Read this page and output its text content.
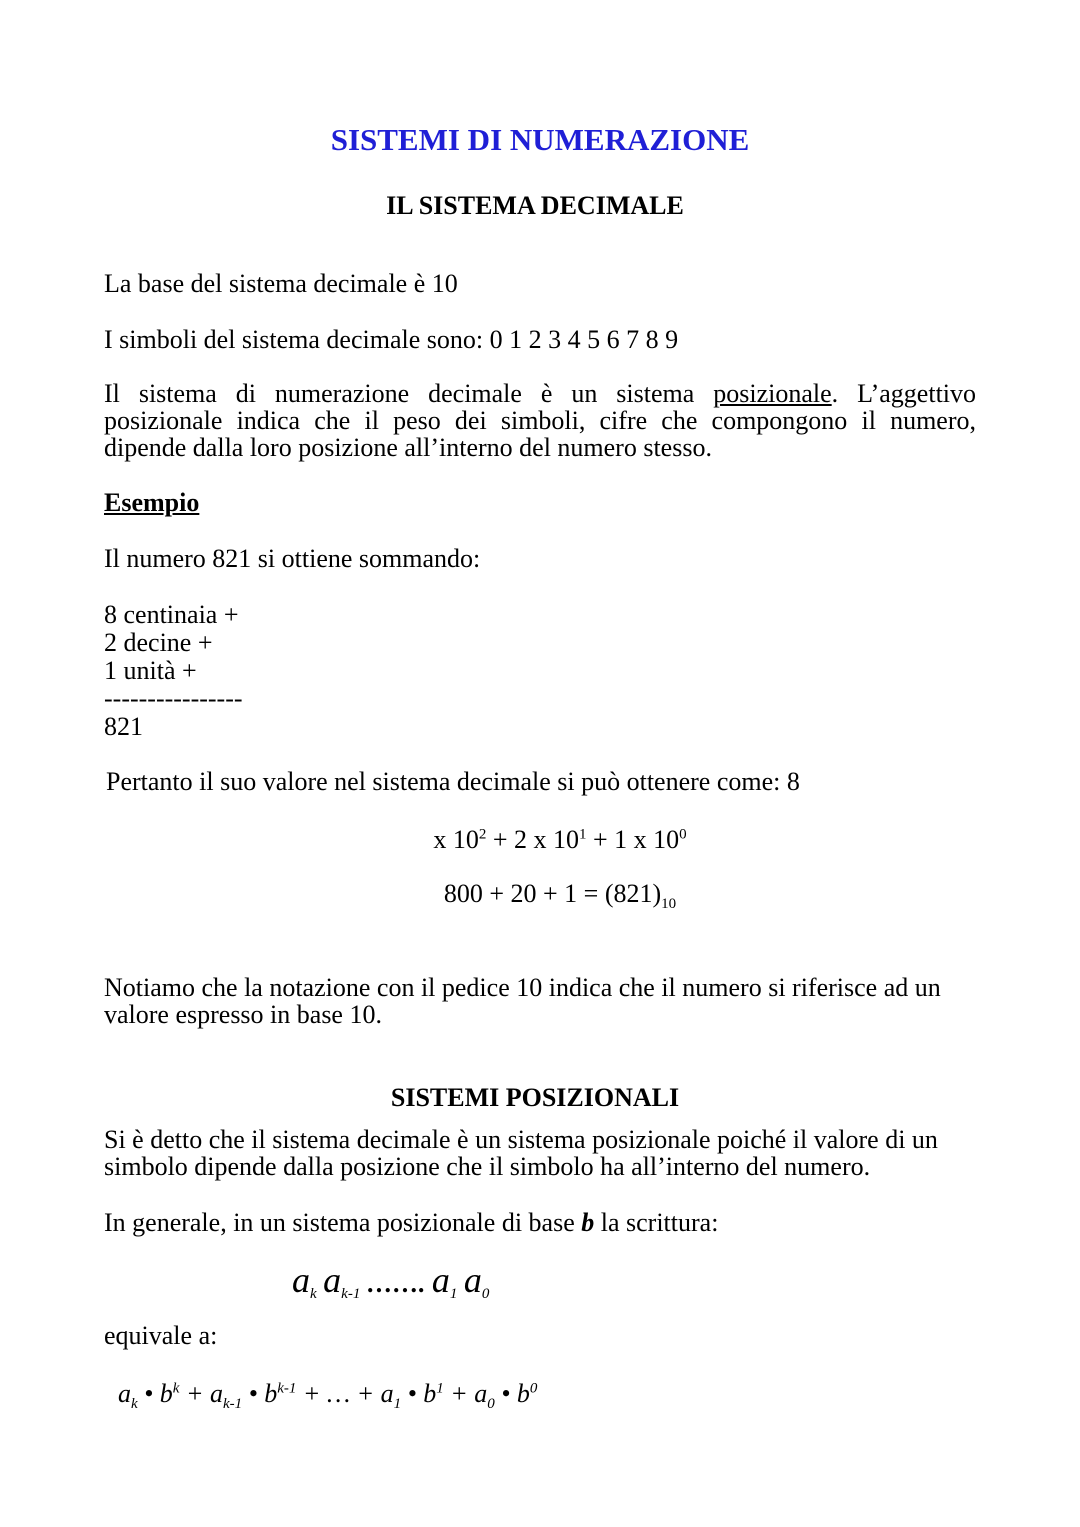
SISTEMI DI NUMERAZIONE
IL SISTEMA DECIMALE

La base del sistema decimale è 10

I simboli del sistema decimale sono: 0 1 2 3 4 5 6 7 8 9

Il sistema di numerazione decimale è un sistema posizionale. L’aggettivo posizionale indica che il peso dei simboli, cifre che compongono il numero, dipende dalla loro posizione all’interno del numero stesso.

Esempio

Il numero 821 si ottiene sommando:

8 centinaia +
2 decine +
1 unità +
----------------
821

Pertanto il suo valore nel sistema decimale si può ottenere come: 8

x $10^2 + 2$ x $10^1 + 1$ x $10^0$

$800 + 20 + 1 = (821)_{10}$

Notiamo che la notazione con il pedice 10 indica che il numero si riferisce ad un valore espresso in base 10.

SISTEMI POSIZIONALI

Si è detto che il sistema decimale è un sistema posizionale poiché il valore di un simbolo dipende dalla posizione che il simbolo ha all’interno del numero.

In generale, in un sistema posizionale di base b la scrittura:

$a_k$ $a_{k-1}$ ……. $a_1$ $a_0$

equivale a:

$a_k$ • $b^k + a_{k-1}$ • $b^{k-1}$ + … + $a_1$ • $b^1 + a_0$ • $b^0$
